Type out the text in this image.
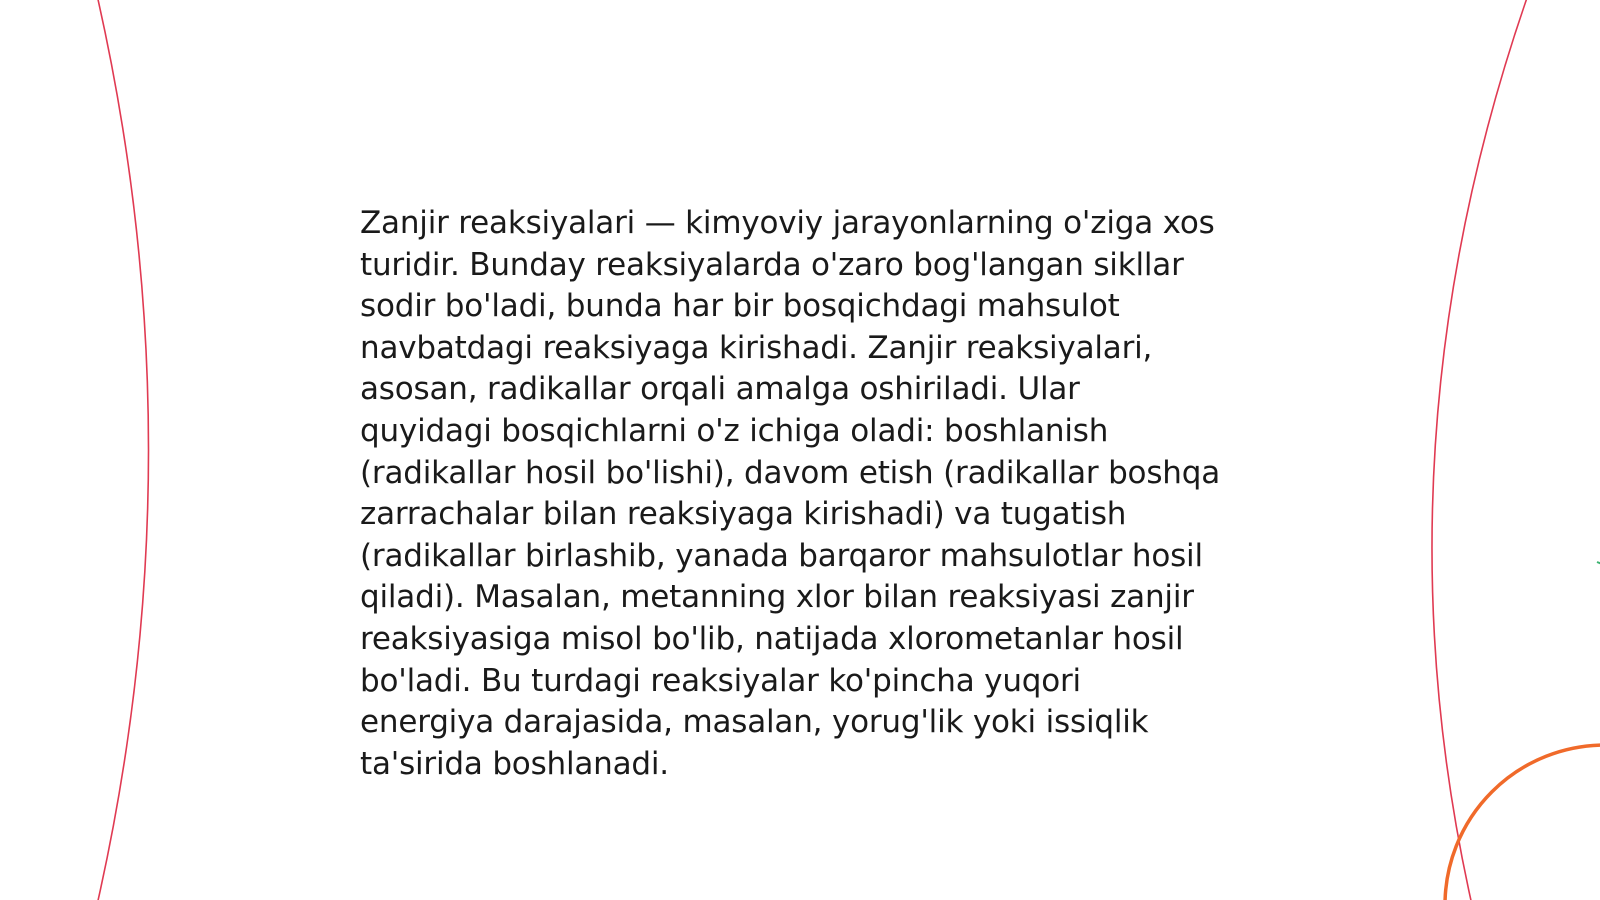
Zanjir reaksiyalari — kimyoviy jarayonlarning o'ziga xos turidir. Bunday reaksiyalarda o'zaro bog'langan sikllar sodir bo'ladi, bunda har bir bosqichdagi mahsulot navbatdagi reaksiyaga kirishadi. Zanjir reaksiyalari, asosan, radikallar orqali amalga oshiriladi. Ular quyidagi bosqichlarni o'z ichiga oladi: boshlanish (radikallar hosil bo'lishi), davom etish (radikallar boshqa zarrachalar bilan reaksiyaga kirishadi) va tugatish (radikallar birlashib, yanada barqaror mahsulotlar hosil qiladi). Masalan, metanning xlor bilan reaksiyasi zanjir reaksiyasiga misol bo'lib, natijada xlorometanlar hosil bo'ladi. Bu turdagi reaksiyalar ko'pincha yuqori energiya darajasida, masalan, yorug'lik yoki issiqlik ta'sirida boshlanadi.
